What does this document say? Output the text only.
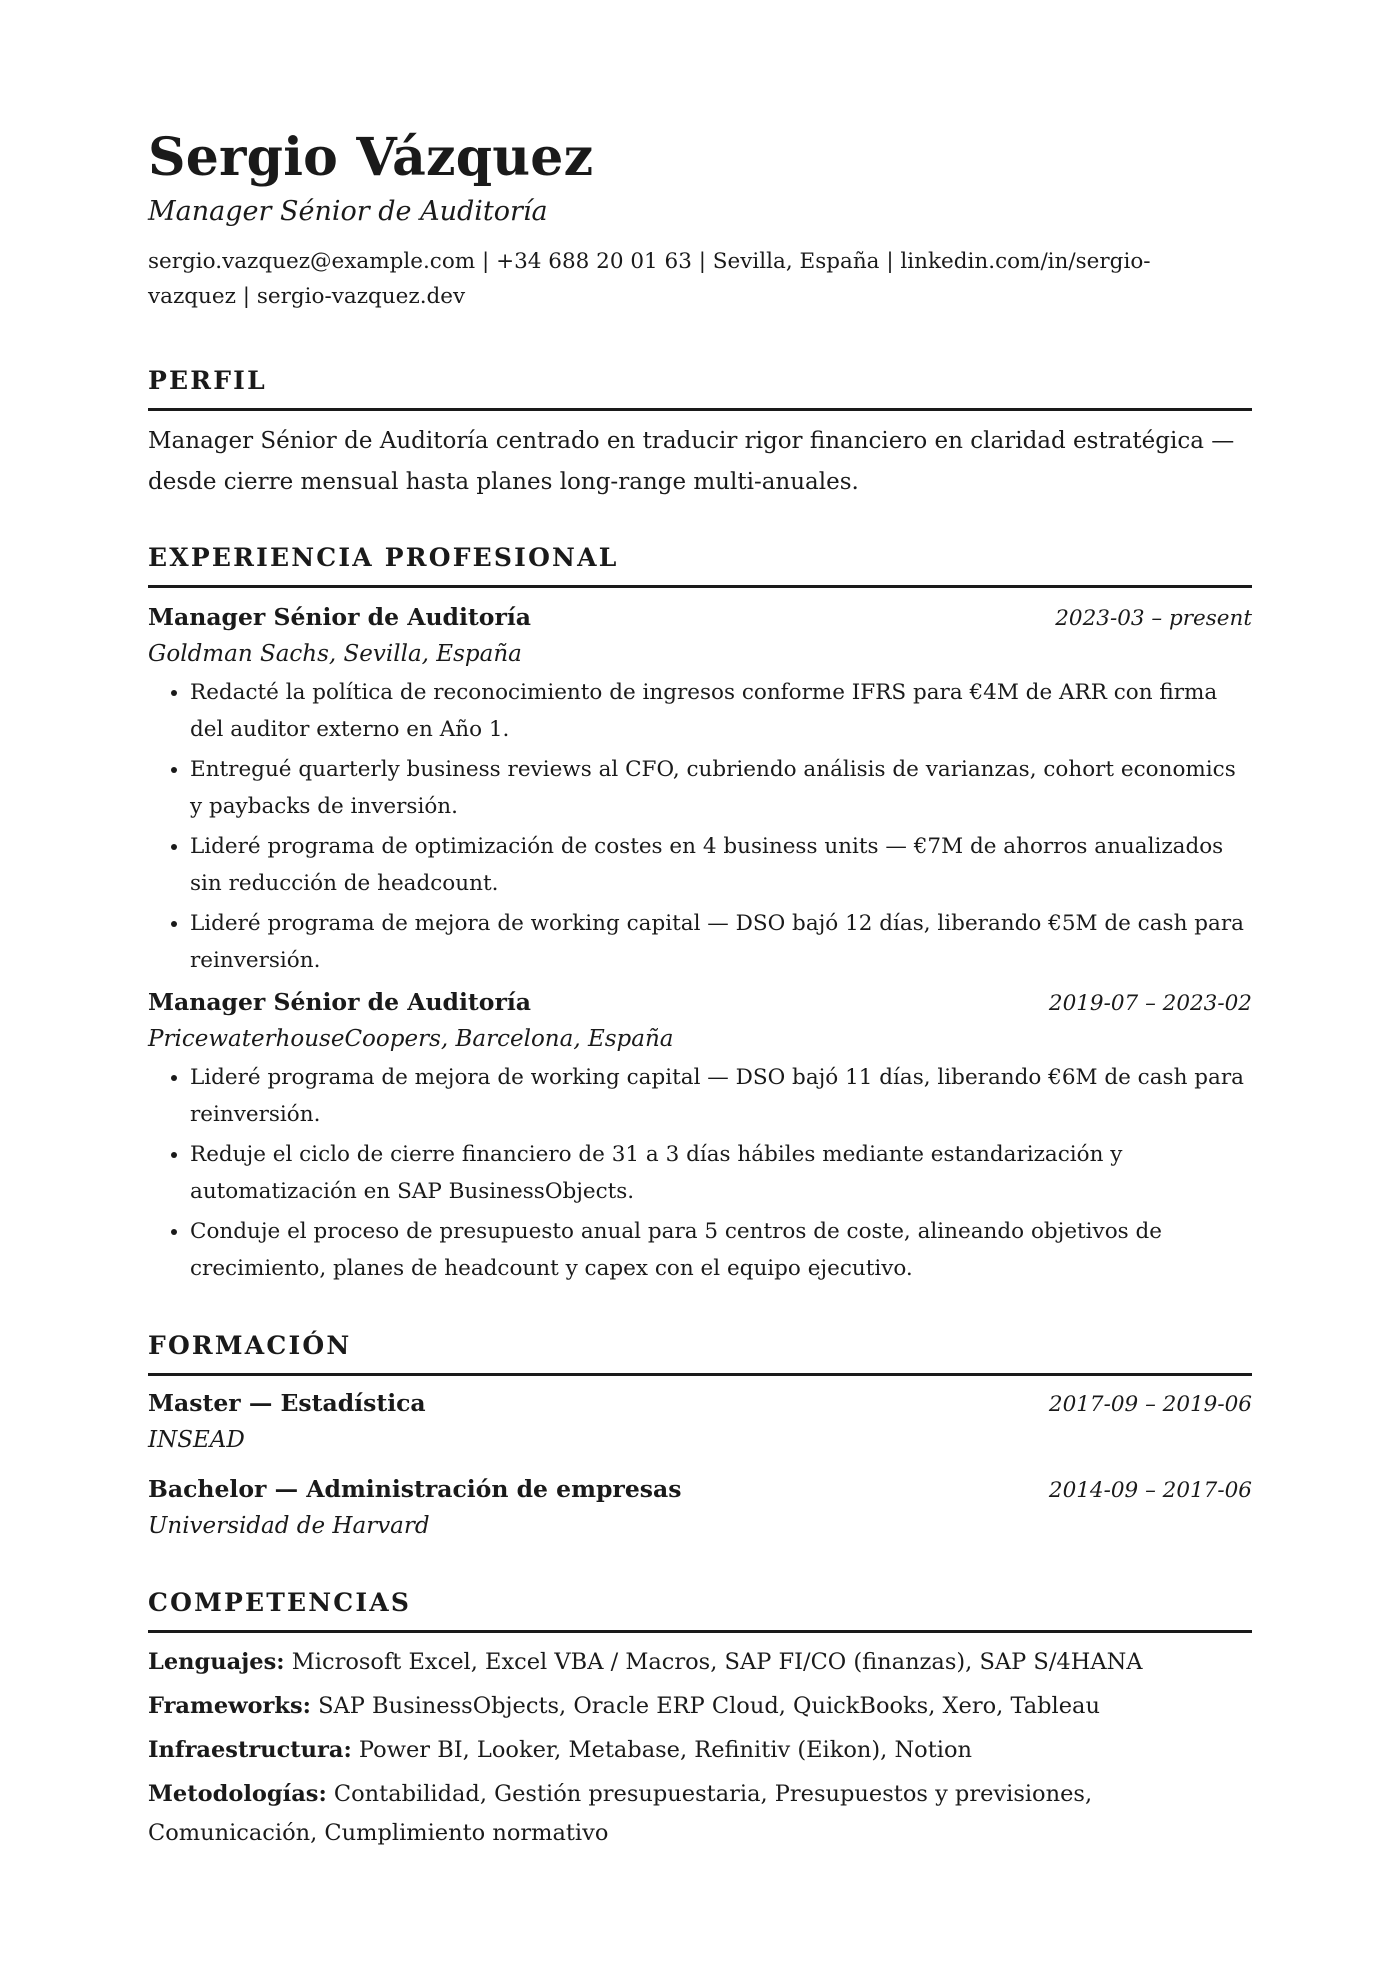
Sergio Vázquez
Manager Sénior de Auditoría
sergio.vazquez@example.com | +34 688 20 01 63 | Sevilla, España | linkedin.com/in/sergio-vazquez | sergio-vazquez.dev
PERFIL
Manager Sénior de Auditoría centrado en traducir rigor financiero en claridad estratégica — desde cierre mensual hasta planes long-range multi-anuales.
EXPERIENCIA PROFESIONAL
Manager Sénior de Auditoría	2023-03 – present
Goldman Sachs, Sevilla, España
• Redacté la política de reconocimiento de ingresos conforme IFRS para €4M de ARR con firma del auditor externo en Año 1.
• Entregué quarterly business reviews al CFO, cubriendo análisis de varianzas, cohort economics y paybacks de inversión.
• Lideré programa de optimización de costes en 4 business units — €7M de ahorros anualizados sin reducción de headcount.
• Lideré programa de mejora de working capital — DSO bajó 12 días, liberando €5M de cash para reinversión.
Manager Sénior de Auditoría	2019-07 – 2023-02
PricewaterhouseCoopers, Barcelona, España
• Lideré programa de mejora de working capital — DSO bajó 11 días, liberando €6M de cash para reinversión.
• Reduje el ciclo de cierre financiero de 31 a 3 días hábiles mediante estandarización y automatización en SAP BusinessObjects.
• Conduje el proceso de presupuesto anual para 5 centros de coste, alineando objetivos de crecimiento, planes de headcount y capex con el equipo ejecutivo.
FORMACIÓN
Master — Estadística	2017-09 – 2019-06
INSEAD
Bachelor — Administración de empresas	2014-09 – 2017-06
Universidad de Harvard
COMPETENCIAS
Lenguajes: Microsoft Excel, Excel VBA / Macros, SAP FI/CO (finanzas), SAP S/4HANA
Frameworks: SAP BusinessObjects, Oracle ERP Cloud, QuickBooks, Xero, Tableau
Infraestructura: Power BI, Looker, Metabase, Refinitiv (Eikon), Notion
Metodologías: Contabilidad, Gestión presupuestaria, Presupuestos y previsiones, Comunicación, Cumplimiento normativo
